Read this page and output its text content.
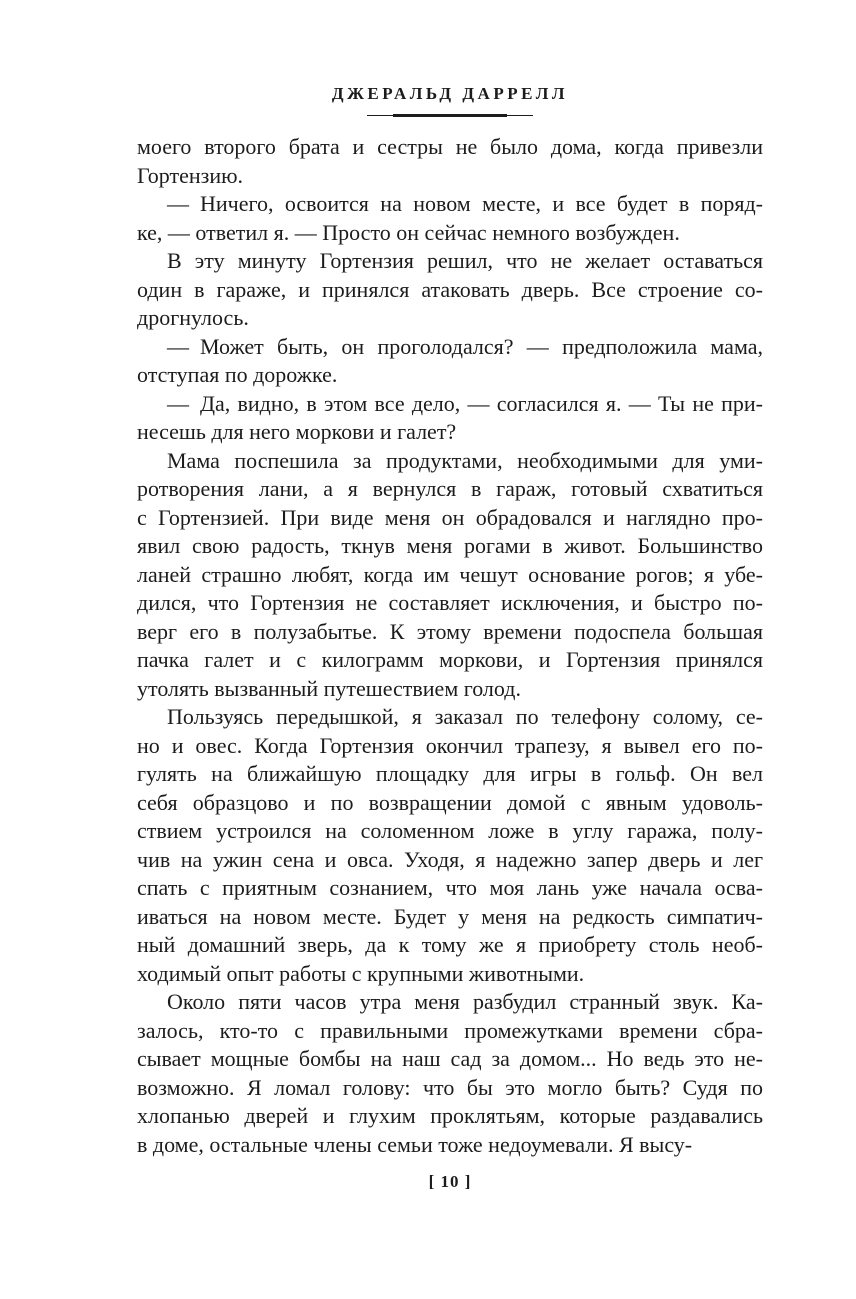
ДЖЕРАЛЬД ДАРРЕЛЛ
моего второго брата и сестры не было дома, когда привезли
Гортензию.
— Ничего, освоится на новом месте, и все будет в поряд-
ке, — ответил я. — Просто он сейчас немного возбужден.
В эту минуту Гортензия решил, что не желает оставаться
один в гараже, и принялся атаковать дверь. Все строение со-
дрогнулось.
— Может быть, он проголодался? — предположила мама,
отступая по дорожке.
— Да, видно, в этом все дело, — согласился я. — Ты не при-
несешь для него моркови и галет?
Мама поспешила за продуктами, необходимыми для уми-
ротворения лани, а я вернулся в гараж, готовый схватиться
с Гортензией. При виде меня он обрадовался и наглядно про-
явил свою радость, ткнув меня рогами в живот. Большинство
ланей страшно любят, когда им чешут основание рогов; я убе-
дился, что Гортензия не составляет исключения, и быстро по-
верг его в полузабытье. К этому времени подоспела большая
пачка галет и с килограмм моркови, и Гортензия принялся
утолять вызванный путешествием голод.
Пользуясь передышкой, я заказал по телефону солому, се-
но и овес. Когда Гортензия окончил трапезу, я вывел его по-
гулять на ближайшую площадку для игры в гольф. Он вел
себя образцово и по возвращении домой с явным удоволь-
ствием устроился на соломенном ложе в углу гаража, полу-
чив на ужин сена и овса. Уходя, я надежно запер дверь и лег
спать с приятным сознанием, что моя лань уже начала осва-
иваться на новом месте. Будет у меня на редкость симпатич-
ный домашний зверь, да к тому же я приобрету столь необ-
ходимый опыт работы с крупными животными.
Около пяти часов утра меня разбудил странный звук. Ка-
залось, кто-то с правильными промежутками времени сбра-
сывает мощные бомбы на наш сад за домом... Но ведь это не-
возможно. Я ломал голову: что бы это могло быть? Судя по
хлопанью дверей и глухим проклятьям, которые раздавались
в доме, остальные члены семьи тоже недоумевали. Я высу-
[ 10 ]
